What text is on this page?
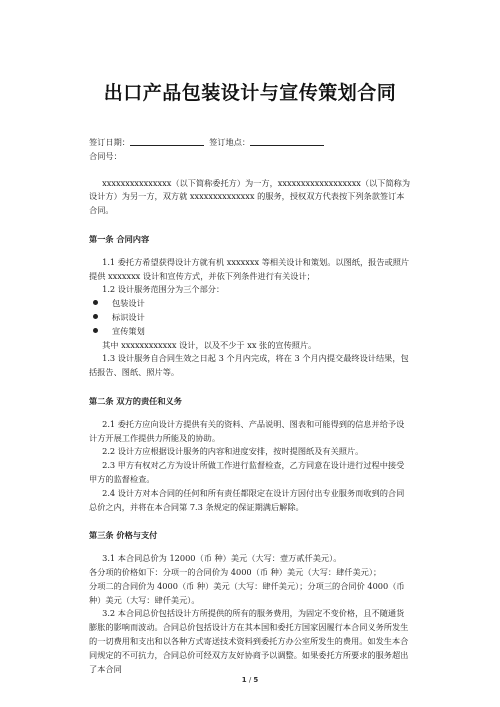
出口产品包装设计与宣传策划合同

签订日期：	签订地点：

合同号：

xxxxxxxxxxxxxxx（以下简称委托方）为一方，xxxxxxxxxxxxxxxxxx（以下简称为设计方）为另一方，双方就 xxxxxxxxxxxxxx 的服务，授权双方代表按下列条款签订本合同。

第一条 合同内容

1.1 委托方希望获得设计方就有机 xxxxxxx 等相关设计和策划。以图纸，报告或照片提供 xxxxxxx 设计和宣传方式，并依下列条件进行有关设计；

1.2 设计服务范围分为三个部分：

包装设计

标识设计

宣传策划

其中 xxxxxxxxxxxx 设计，以及不少于 xx 张的宣传照片。

1.3 设计服务自合同生效之日起 3 个月内完成，将在 3 个月内提交最终设计结果，包括报告、图纸、照片等。

第二条 双方的责任和义务

2.1 委托方应向设计方提供有关的资料、产品说明、图表和可能得到的信息并给予设计方开展工作提供力所能及的协助。

2.2 设计方应根据设计服务的内容和进度安排，按时提图纸及有关照片。

2.3 甲方有权对乙方为设计所做工作进行监督检查，乙方同意在设计进行过程中接受甲方的监督检查。

2.4 设计方对本合同的任何和所有责任都限定在设计方因付出专业服务而收到的合同总价之内，并将在本合同第 7.3 条规定的保证期满后解除。

第三条 价格与支付

3.1 本合同总价为 12000（币 种）美元（大写：壹万贰仟美元）。

各分项的价格如下：分项一的合同价为 4000（币 种）美元（大写：肆仟美元）；

分项二的合同价为 4000（币 种）美元（大写：肆仟美元）；分项三的合同价 4000（币 种）美元（大写：肆仟美元）。

3.2 本合同总价包括设计方所提供的所有的服务费用，为固定不变价格，且不随通货膨胀的影响而波动。合同总价包括设计方在其本国和委托方国家因履行本合同义务所发生的一切费用和支出和以各种方式寄送技术资料到委托方办公室所发生的费用。如发生本合同规定的不可抗力，合同总价可经双方友好协商予以调整。如果委托方所要求的服务超出了本合同

1 / 5
